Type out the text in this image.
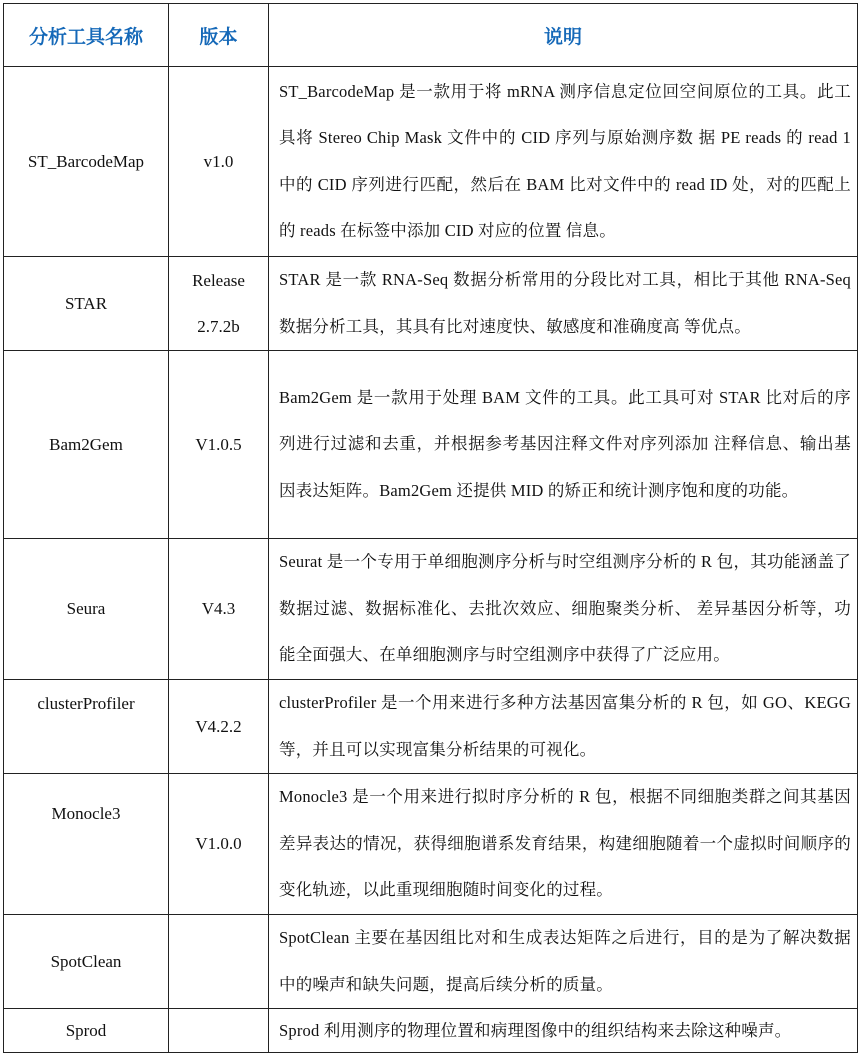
分析工具名称	版本	说明
ST_BarcodeMap	v1.0	ST_BarcodeMap 是一款用于将 mRNA 测序信息定位回空间原位的工具。此工具将 Stereo Chip Mask 文件中的 CID 序列与原始测序数 据 PE reads 的 read 1 中的 CID 序列进行匹配，然后在 BAM 比对文件中的 read ID 处，对的匹配上的 reads 在标签中添加 CID 对应的位置 信息。
STAR	Release 2.7.2b	STAR 是一款 RNA-Seq 数据分析常用的分段比对工具，相比于其他 RNA-Seq 数据分析工具，其具有比对速度快、敏感度和准确度高 等优点。
Bam2Gem	V1.0.5	Bam2Gem 是一款用于处理 BAM 文件的工具。此工具可对 STAR 比对后的序列进行过滤和去重，并根据参考基因注释文件对序列添加 注释信息、输出基因表达矩阵。Bam2Gem 还提供 MID 的矫正和统计测序饱和度的功能。
Seura	V4.3	Seurat 是一个专用于单细胞测序分析与时空组测序分析的 R 包，其功能涵盖了数据过滤、数据标准化、去批次效应、细胞聚类分析、 差异基因分析等，功能全面强大、在单细胞测序与时空组测序中获得了广泛应用。
clusterProfiler	V4.2.2	clusterProfiler 是一个用来进行多种方法基因富集分析的 R 包，如 GO、KEGG 等，并且可以实现富集分析结果的可视化。
Monocle3	V1.0.0	Monocle3 是一个用来进行拟时序分析的 R 包，根据不同细胞类群之间其基因差异表达的情况，获得细胞谱系发育结果，构建细胞随着一个虚拟时间顺序的变化轨迹，以此重现细胞随时间变化的过程。
SpotClean		SpotClean 主要在基因组比对和生成表达矩阵之后进行，目的是为了解决数据中的噪声和缺失问题，提高后续分析的质量。
Sprod		Sprod 利用测序的物理位置和病理图像中的组织结构来去除这种噪声。
